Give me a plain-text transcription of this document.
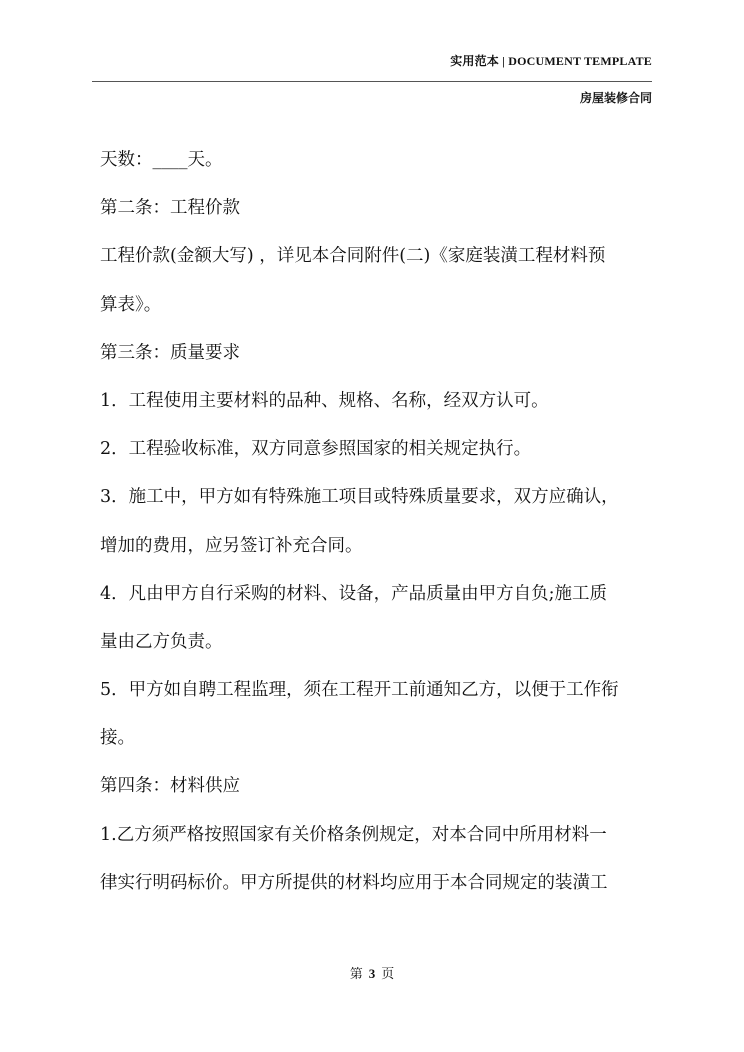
实用范本 | DOCUMENT TEMPLATE
房屋装修合同
天数：____天。
第二条：工程价款
工程价款(金额大写) ，详见本合同附件(二)《家庭装潢工程材料预
算表》。
第三条：质量要求
1．工程使用主要材料的品种、规格、名称，经双方认可。
2．工程验收标准，双方同意参照国家的相关规定执行。
3．施工中，甲方如有特殊施工项目或特殊质量要求，双方应确认，
增加的费用，应另签订补充合同。
4．凡由甲方自行采购的材料、设备，产品质量由甲方自负;施工质
量由乙方负责。
5．甲方如自聘工程监理，须在工程开工前通知乙方，以便于工作衔
接。
第四条：材料供应
1.乙方须严格按照国家有关价格条例规定，对本合同中所用材料一
律实行明码标价。甲方所提供的材料均应用于本合同规定的装潢工
第 3 页
